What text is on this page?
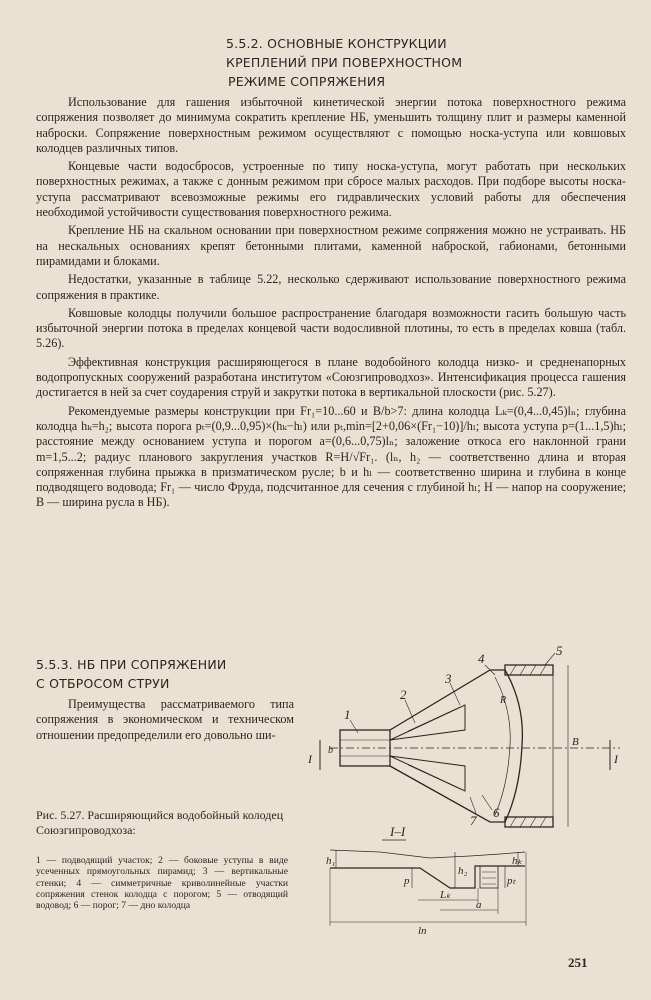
5.5.2. ОСНОВНЫЕ КОНСТРУКЦИИ
КРЕПЛЕНИЙ ПРИ ПОВЕРХНОСТНОМ
РЕЖИМЕ СОПРЯЖЕНИЯ

Использование для гашения избыточной кинетической энергии потока поверхностного режима сопряжения позволяет до минимума сократить крепление НБ, уменьшить толщину плит и размеры каменной наброски. Сопряжение поверхностным режимом осуществляют с помощью носка-уступа или ковшовых колодцев различных типов.

Концевые части водосбросов, устроенные по типу носка-уступа, могут работать при нескольких поверхностных режимах, а также с донным режимом при сбросе малых расходов. При подборе высоты носка-уступа рассматривают всевозможные режимы его гидравлических условий работы для обеспечения необходимой устойчивости существования поверхностного режима.

Крепление НБ на скальном основании при поверхностном режиме сопряжения можно не устраивать. НБ на нескальных основаниях крепят бетонными плитами, каменной наброской, габионами, бетонными пирамидами и блоками.

Недостатки, указанные в таблице 5.22, несколько сдерживают использование поверхностного режима сопряжения в практике.

Ковшовые колодцы получили большое распространение благодаря возможности гасить большую часть избыточной энергии потока в пределах концевой части водосливной плотины, то есть в пределах ковша (табл. 5.26).

Эффективная конструкция расширяющегося в плане водобойного колодца низко- и средненапорных водопропускных сооружений разработана институтом «Союзгипроводхоз». Интенсификация процесса гашения достигается в ней за счет соударения струй и закрутки потока в вертикальной плоскости (рис. 5.27).

Рекомендуемые размеры конструкции при Fr₁=10...60 и B/b>7: длина колодца Lₖ=(0,4...0,45)lₙ; глубина колодца hₖ=h₂; высота порога pₜ=(0,9...0,95)×(hₖ−hₗ) или pₜ,min=[2+0,06×(Fr₁−10)]/hₗ; высота уступа p=(1...1,5)hₗ; расстояние между основанием уступа и порогом a=(0,6...0,75)lₙ; заложение откоса его наклонной грани m=1,5...2; радиус планового закругления участков R=H/√Fr₁. (lₙ, h₂ — соответственно длина и вторая сопряженная глубина прыжка в призматическом русле; b и hₗ — соответственно ширина и глубина в конце подводящего водовода; Fr₁ — число Фруда, подсчитанное для сечения с глубиной hₗ; H — напор на сооружение; B — ширина русла в НБ).

5.5.3. НБ ПРИ СОПРЯЖЕНИИ
С ОТБРОСОМ СТРУИ

Преимущества рассматриваемого типа сопряжения в экономическом и техническом отношении предопределили его довольно ши-

Рис. 5.27. Расширяющийся водобойный колодец Союзгипроводхоза:
1 — подводящий участок; 2 — боковые уступы в виде усеченных прямоугольных пирамид; 3 — вертикальные стенки; 4 — симметричные криволинейные участки сопряжения стенок колодца с порогом; 5 — отводящий водовод; 6 — порог; 7 — дно колодца
1
2
3
4
5
6
7
I	I
R
b
B
I–I
h₁
p
h₂
pₜ
hₖ
Lₖ
a
lп
251
